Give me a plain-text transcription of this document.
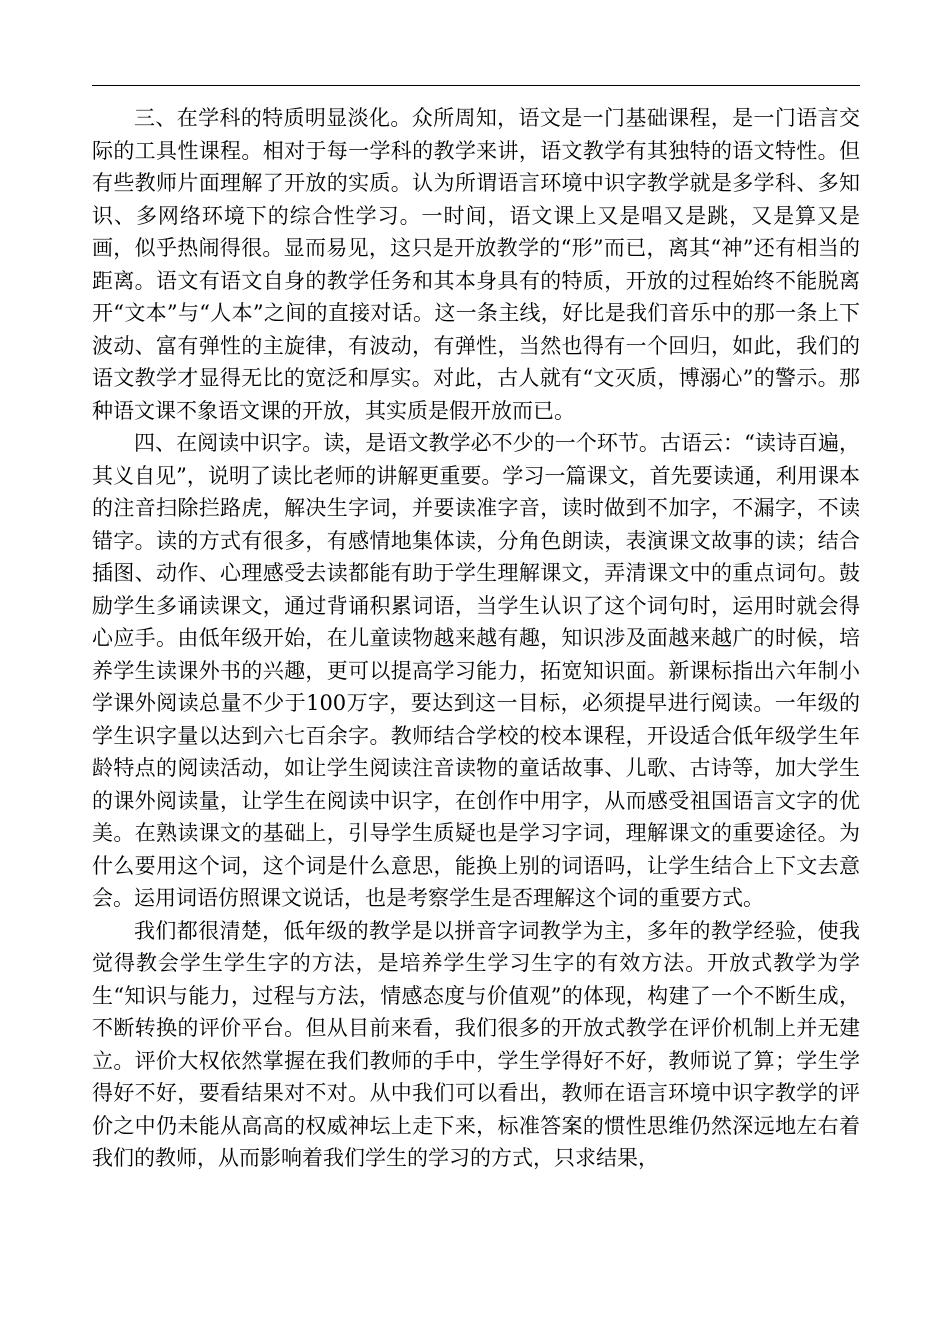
三、在学科的特质明显淡化。众所周知，语文是一门基础课程，是一门语言交际的工具性课程。相对于每一学科的教学来讲，语文教学有其独特的语文特性。但有些教师片面理解了开放的实质。认为所谓语言环境中识字教学就是多学科、多知识、多网络环境下的综合性学习。一时间，语文课上又是唱又是跳，又是算又是画，似乎热闹得很。显而易见，这只是开放教学的“形”而已，离其“神”还有相当的距离。语文有语文自身的教学任务和其本身具有的特质，开放的过程始终不能脱离开“文本”与“人本”之间的直接对话。这一条主线，好比是我们音乐中的那一条上下波动、富有弹性的主旋律，有波动，有弹性，当然也得有一个回归，如此，我们的语文教学才显得无比的宽泛和厚实。对此，古人就有“文灭质，博溺心”的警示。那种语文课不象语文课的开放，其实质是假开放而已。

四、在阅读中识字。读，是语文教学必不少的一个环节。古语云：“读诗百遍，其义自见”，说明了读比老师的讲解更重要。学习一篇课文，首先要读通，利用课本的注音扫除拦路虎，解决生字词，并要读准字音，读时做到不加字，不漏字，不读错字。读的方式有很多，有感情地集体读，分角色朗读，表演课文故事的读；结合插图、动作、心理感受去读都能有助于学生理解课文，弄清课文中的重点词句。鼓励学生多诵读课文，通过背诵积累词语，当学生认识了这个词句时，运用时就会得心应手。由低年级开始，在儿童读物越来越有趣，知识涉及面越来越广的时候，培养学生读课外书的兴趣，更可以提高学习能力，拓宽知识面。新课标指出六年制小学课外阅读总量不少于100万字，要达到这一目标，必须提早进行阅读。一年级的学生识字量以达到六七百余字。教师结合学校的校本课程，开设适合低年级学生年龄特点的阅读活动，如让学生阅读注音读物的童话故事、儿歌、古诗等，加大学生的课外阅读量，让学生在阅读中识字，在创作中用字，从而感受祖国语言文字的优美。在熟读课文的基础上，引导学生质疑也是学习字词，理解课文的重要途径。为什么要用这个词，这个词是什么意思，能换上别的词语吗，让学生结合上下文去意会。运用词语仿照课文说话，也是考察学生是否理解这个词的重要方式。

我们都很清楚，低年级的教学是以拼音字词教学为主，多年的教学经验，使我觉得教会学生学生字的方法，是培养学生学习生字的有效方法。开放式教学为学生“知识与能力，过程与方法，情感态度与价值观”的体现，构建了一个不断生成，不断转换的评价平台。但从目前来看，我们很多的开放式教学在评价机制上并无建立。评价大权依然掌握在我们教师的手中，学生学得好不好，教师说了算；学生学得好不好，要看结果对不对。从中我们可以看出，教师在语言环境中识字教学的评价之中仍未能从高高的权威神坛上走下来，标准答案的惯性思维仍然深远地左右着我们的教师，从而影响着我们学生的学习的方式，只求结果，
